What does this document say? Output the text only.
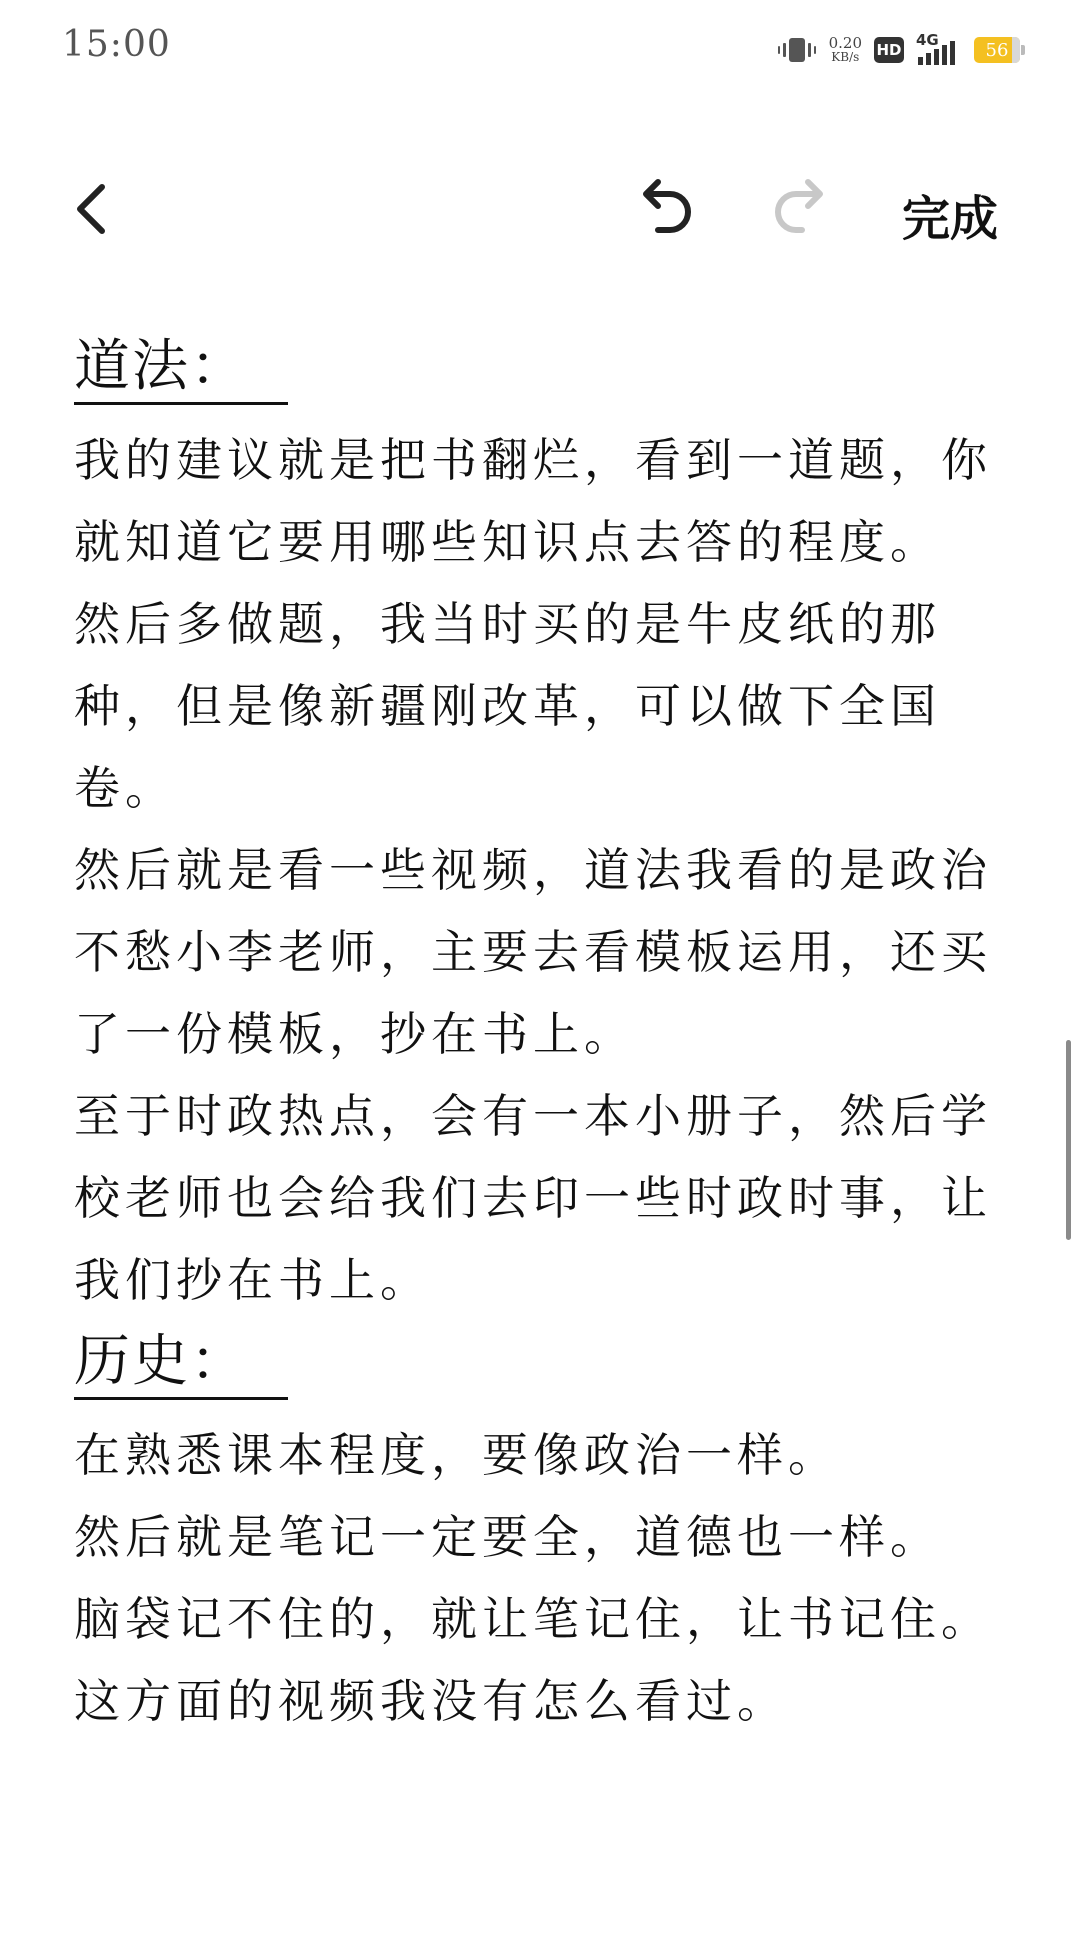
15:00	0.20
KB/s HD
4G	56
完成
道法：

我的建议就是把书翻烂，看到一道题，你就知道它要用哪些知识点去答的程度。

然后多做题，我当时买的是牛皮纸的那种，但是像新疆刚改革，可以做下全国卷。

然后就是看一些视频，道法我看的是政治不愁小李老师，主要去看模板运用，还买了一份模板，抄在书上。

至于时政热点，会有一本小册子，然后学校老师也会给我们去印一些时政时事，让我们抄在书上。

历史：

在熟悉课本程度，要像政治一样。

然后就是笔记一定要全，道德也一样。

脑袋记不住的，就让笔记住，让书记住。

这方面的视频我没有怎么看过。
